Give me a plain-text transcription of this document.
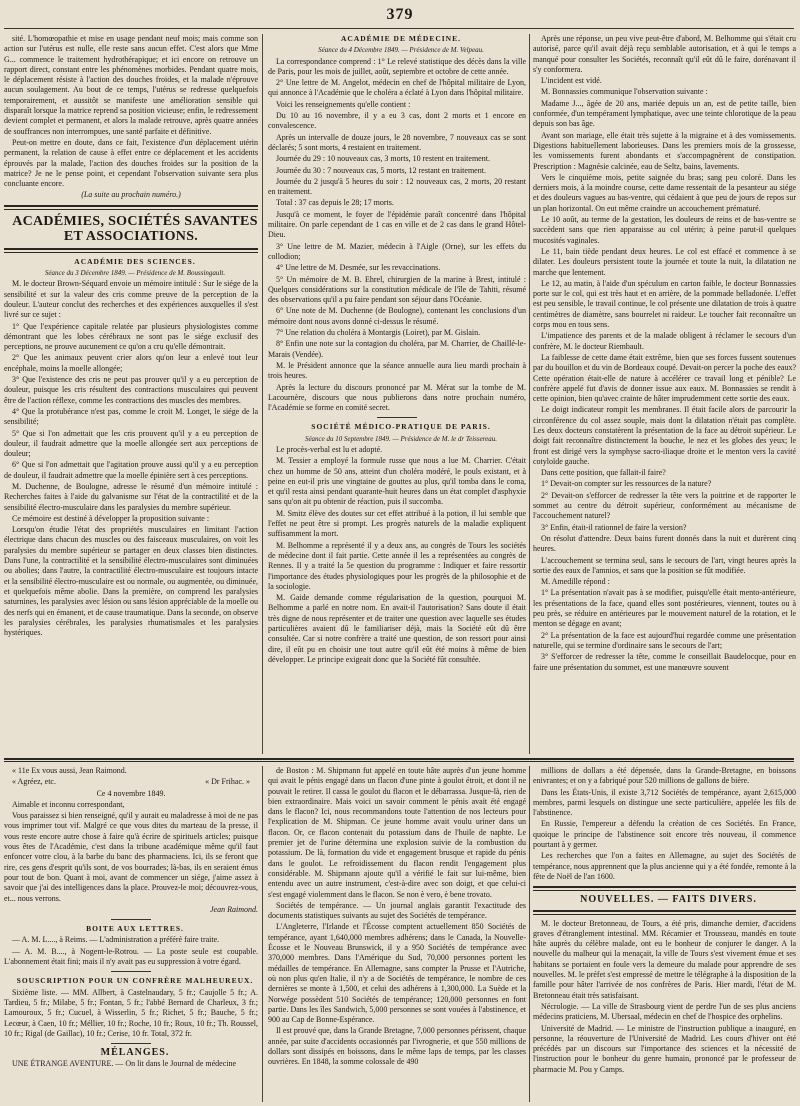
379

sité. L'homœopathie et mise en usage pendant neuf mois; mais comme son action sur l'utérus est nulle, elle reste sans aucun effet. C'est alors que Mme G... commence le traitement hydrothérapique; et ici encore on retrouve un rapport direct, constant entre les phénomènes morbides. Pendant quatre mois, le déplacement résiste à l'action des douches froides, et la malade n'éprouve aucun soulagement. Au bout de ce temps, l'utérus se redresse quelquefois temporairement, et aussitôt se manifeste une amélioration sensible qui disparaît lorsque la matrice reprend sa position vicieuse; enfin, le redressement devient complet et permanent, et alors la malade retrouve, après quatre années de souffrances non interrompues, une santé parfaite et définitive.

Peut-on mettre en doute, dans ce fait, l'existence d'un déplacement utérin permanent, la relation de cause à effet entre ce déplacement et les accidents éprouvés par la malade, l'action des douches froides sur la position de la matrice? Je ne le pense point, et cependant l'observation suivante sera plus concluante encore.

(La suite au prochain numéro.)

ACADÉMIES, SOCIÉTÉS SAVANTES ET ASSOCIATIONS.

ACADÉMIE DES SCIENCES.

Séance du 3 Décembre 1849. — Présidence de M. Boussingault.

M. le docteur Brown-Séquard envoie un mémoire intitulé : Sur le siége de la sensibilité et sur la valeur des cris comme preuve de la perception de la douleur. L'auteur conclut des recherches et des expériences auxquelles il s'est livré sur ce sujet :

1° Que l'expérience capitale relatée par plusieurs physiologistes comme démontrant que les lobes cérébraux ne sont pas le siége exclusif des perceptions, ne prouve aucunement ce qu'on a cru qu'elle démontrait.

2° Que les animaux peuvent crier alors qu'on leur a enlevé tout leur encéphale, moins la moelle allongée;

3° Que l'existence des cris ne peut pas prouver qu'il y a eu perception de douleur, puisque les cris résultent des contractions musculaires qui peuvent être de l'action réflexe, comme les contractions des muscles des membres.

4° Que la protubérance n'est pas, comme le croit M. Longet, le siége de la sensibilité;

5° Que si l'on admettait que les cris prouvent qu'il y a eu perception de douleur, il faudrait admettre que la moelle allongée sert aux perceptions de douleur;

6° Que si l'on admettait que l'agitation prouve aussi qu'il y a eu perception de douleur, il faudrait admettre que la moelle épinière sert à ces perceptions.

M. Duchenne, de Boulogne, adresse le résumé d'un mémoire intitulé : Recherches faites à l'aide du galvanisme sur l'état de la contractilité et de la sensibilité électro-musculaire dans les paralysies du membre supérieur.

Ce mémoire est destiné à développer la proposition suivante :

Lorsqu'on étudie l'état des propriétés musculaires en limitant l'action électrique dans chacun des muscles ou des faisceaux musculaires, on voit les paralysies du membre supérieur se partager en deux classes bien distinctes. Dans l'une, la contractilité et la sensibilité électro-musculaires sont diminuées ou abolies; dans l'autre, la contractilité électro-musculaire est toujours intacte et la sensibilité électro-musculaire est ou normale, ou augmentée, ou diminuée, et quelquefois même abolie. Dans la première, on comprend les paralysies saturnines, les paralysies avec lésion ou sans lésion appréciable de la moelle ou des nerfs qui en émanent, et de cause traumatique. Dans la seconde, on observe les paralysies cérébrales, les paralysies rhumatismales et les paralysies hystériques.

ACADÉMIE DE MÉDECINE.

Séance du 4 Décembre 1849. — Présidence de M. Velpeau.

La correspondance comprend : 1° Le relevé statistique des décès dans la ville de Paris, pour les mois de juillet, août, septembre et octobre de cette année.

2° Une lettre de M. Angelot, médecin en chef de l'hôpital militaire de Lyon, qui annonce à l'Académie que le choléra a éclaté à Lyon dans l'hôpital militaire.

Voici les renseignements qu'elle contient :

Du 10 au 16 novembre, il y a eu 3 cas, dont 2 morts et 1 encore en convalescence.

Après un intervalle de douze jours, le 28 novembre, 7 nouveaux cas se sont déclarés; 5 sont morts, 4 restaient en traitement.

Journée du 29 : 10 nouveaux cas, 3 morts, 10 restent en traitement.

Journée du 30 : 7 nouveaux cas, 5 morts, 12 restant en traitement.

Journée du 2 jusqu'à 5 heures du soir : 12 nouveaux cas, 2 morts, 20 restant en traitement.

Total : 37 cas depuis le 28; 17 morts.

Jusqu'à ce moment, le foyer de l'épidémie paraît concentré dans l'hôpital militaire. On parle cependant de 1 cas en ville et de 2 cas dans le grand Hôtel-Dieu.

3° Une lettre de M. Mazier, médecin à l'Aigle (Orne), sur les effets du collodion;

4° Une lettre de M. Desmée, sur les revaccinations.

5° Un mémoire de M. B. Ehrel, chirurgien de la marine à Brest, intitulé : Quelques considérations sur la constitution médicale de l'île de Tahiti, résumé des observations qu'il a pu faire pendant son séjour dans l'Océanie.

6° Une note de M. Duchenne (de Boulogne), contenant les conclusions d'un mémoire dont nous avons donné ci-dessus le résumé.

7° Une relation du choléra à Montargis (Loiret), par M. Gislain.

8° Enfin une note sur la contagion du choléra, par M. Charrier, de Chaillé-le-Marais (Vendée).

M. le Président annonce que la séance annuelle aura lieu mardi prochain à trois heures.

Après la lecture du discours prononcé par M. Mérat sur la tombe de M. Lacournère, discours que nous publierons dans notre prochain numéro, l'Académie se forme en comité secret.

SOCIÉTÉ MÉDICO-PRATIQUE DE PARIS.

Séance du 10 Septembre 1849. — Présidence de M. le dr Teissereau.

Le procès-verbal est lu et adopté.

M. Tessier a employé la formule russe que nous a lue M. Charrier. C'était chez un homme de 50 ans, atteint d'un choléra modéré, le pouls existant, et à peine en eut-il pris une vingtaine de gouttes au plus, qu'il tomba dans le coma, et qu'il resta ainsi pendant quarante-huit heures dans un état complet d'asphyxie sans qu'on ait pu obtenir de réaction, puis il succomba.

M. Smitz élève des doutes sur cet effet attribué à la potion, il lui semble que l'effet ne peut être si prompt. Les progrès naturels de la maladie expliquent suffisamment la mort.

M. Belhomme a représenté il y a deux ans, au congrès de Tours les sociétés de médecine dont il fait partie. Cette année il les a représentées au congrès de Rennes. Il y a traité la 5e question du programme : Indiquer et faire ressortir l'importance des études physiologiques pour les progrès de la philosophie et de la sociologie.

M. Gaide demande comme régularisation de la question, pourquoi M. Belhomme a parlé en notre nom. En avait-il l'autorisation? Sans doute il était très digne de nous représenter et de traiter une question avec laquelle ses études particulières avaient dû le familiariser déjà, mais la Société eût dû être consultée. Car si notre confrère a traité une question, de son ressort pour ainsi dire, il eût pu en choisir une tout autre qu'il eût été moins à même de bien développer. Le principe exigeait donc que la Société fût consultée.

Après une réponse, un peu vive peut-être d'abord, M. Belhomme qui s'était cru autorisé, parce qu'il avait déjà reçu semblable autorisation, et à qui le temps a manqué pour consulter les Sociétés, reconnaît qu'il eût dû le faire, dorénavant il s'y conformera.

L'incident est vidé.

M. Bonnassies communique l'observation suivante :

Madame J..., âgée de 20 ans, mariée depuis un an, est de petite taille, bien conformée, d'un tempérament lymphatique, avec une teinte chlorotique de la peau depuis son bas âge.

Avant son mariage, elle était très sujette à la migraine et à des vomissements. Digestions habituellement laborieuses. Dans les premiers mois de la grossesse, les vomissements furent abondants et s'accompagnèrent de constipation. Prescription : Magnésie calcinée, eau de Seltz, bains, lavements.

Vers le cinquième mois, petite saignée du bras; sang peu coloré. Dans les derniers mois, à la moindre course, cette dame ressentait de la pesanteur au siége et des douleurs vagues au bas-ventre, qui cédaient à que peu de jours de repos sur un plan horizontal. On eut même craindre un accouchement prématuré.

Le 10 août, au terme de la gestation, les douleurs de reins et de bas-ventre se succèdent sans que rien apparaisse au col utérin; à peine parut-il quelques mucosités vaginales.

Le 11, bain tiède pendant deux heures. Le col est effacé et commence à se dilater. Les douleurs persistent toute la journée et toute la nuit, la dilatation ne marche que lentement.

Le 12, au matin, à l'aide d'un spéculum en carton faible, le docteur Bonnassies porte sur le col, qui est très haut et en arrière, de la pommade belladonée. L'effet est peu sensible, le travail continue, le col présente une dilatation de trois à quatre centimètres de diamètre, sans bourrelet ni raideur. Le toucher fait reconnaître un corps mou en tous sens.

L'impatience des parents et de la malade obligent à réclamer le secours d'un confrère, M. le docteur Riembault.

La faiblesse de cette dame était extrême, bien que ses forces fussent soutenues par du bouillon et du vin de Bordeaux coupé. Devait-on percer la poche des eaux? Cette opération était-elle de nature à accélérer ce travail long et pénible? Le confrère appelé fut d'avis de donner issue aux eaux. M. Bonnassies se rendit à cette opinion, bien qu'avec crainte de hâter imprudemment cette sortie des eaux.

Le doigt indicateur rompit les membranes. Il était facile alors de parcourir la circonférence du col assez souple, mais dont la dilatation n'était pas complète. Les deux docteurs constatèrent la présentation de la face au détroit supérieur. Le doigt fait reconnaître distinctement la bouche, le nez et les globes des yeux; le front est dirigé vers la symphyse sacro-iliaque droite et le menton vers la cavité cotyloïde gauche.

Dans cette position, que fallait-il faire?

1° Devait-on compter sur les ressources de la nature?

2° Devait-on s'efforcer de redresser la tête vers la poitrine et de rapporter le sommet au centre du détroit supérieur, conformément au mécanisme de l'accouchement naturel?

3° Enfin, était-il rationnel de faire la version?

On résolut d'attendre. Deux bains furent donnés dans la nuit et durèrent cinq heures.

L'accouchement se termina seul, sans le secours de l'art, vingt heures après la sortie des eaux de l'amnios, et sans que la position se fût modifiée.

M. Amedille répond :

1° La présentation n'avait pas à se modifier, puisqu'elle était mento-antérieure, les présentations de la face, quand elles sont postérieures, viennent, toutes ou à peu près, se réduire en antérieures par le mouvement naturel de la rotation, et le menton se dégage en avant;

2° La présentation de la face est aujourd'hui regardée comme une présentation naturelle, qui se termine d'ordinaire sans le secours de l'art;

3° S'efforcer de redresser la tête, comme le conseillait Baudelocque, pour en faire une présentation du sommet, est une manœuvre souvent

« 11e Ex vous aussi, Jean Raimond.

« Agréez, etc.	« Dr Frihac. »

Ce 4 novembre 1849.

Aimable et inconnu correspondant,

Vous paraissez si bien renseigné, qu'il y aurait eu maladresse à moi de ne pas vous imprimer tout vif. Malgré ce que vous dites du marteau de la presse, il vous reste encore autre chose à faire qu'à écrire de spirituels articles; puisque vous êtes de l'Académie, c'est dans la tribune académique même qu'il faut enfoncer votre clou, à la barbe du banc des pharmaciens. Ici, ils se feront que rire, ces gens d'esprit qu'ils sont, de vos bourrades; là-bas, ils en seraient émus pour tout de bon. Quant à moi, avant de commencer un siége, j'aime assez à savoir que j'ai des intelligences dans la place. Prouvez-le moi; découvrez-vous, et... nous verrons.

Jean Raimond.

BOITE AUX LETTRES.

— A. M. L...., à Reims. — L'administration a préféré faire traite.

— A. M. B...., à Nogent-le-Rotrou. — La poste seule est coupable. L'abonnement était fini; mais il n'y avait pas eu suppression à votre égard.

SOUSCRIPTION POUR UN CONFRÈRE MALHEUREUX.

Sixième liste. — MM. Allbert, à Castelnaudary, 5 fr.; Caujolle 5 fr.; A. Tardieu, 5 fr.; Milabe, 5 fr.; Fontan, 5 fr.; l'abbé Bernard de Charleux, 3 fr.; Lamouroux, 5 fr.; Cucuel, à Wisserlin, 5 fr.; Richet, 5 fr.; Bauche, 5 fr.; Lecœur, à Caen, 10 fr.; Méllier, 10 fr.; Roche, 10 fr.; Roux, 10 fr.; Th. Roussel, 10 fr.; Rigal (de Gaillac), 10 fr.; Cerise, 10 fr. Total, 372 fr.

MÉLANGES.

UNE ÉTRANGE AVENTURE. — On lit dans le Journal de médecine

de Boston : M. Shipmann fut appelé en toute hâte auprès d'un jeune homme qui avait le pénis engagé dans un flacon d'une pinte à goulot étroit, et dont il ne pouvait le retirer. Il cassa le goulot du flacon et le débarrassa. Jusque-là, rien de bien extraordinaire. Mais voici un savoir comment le pénis avait été engagé dans le flacon? Ici, nous recommandons toute l'attention de nos lecteurs pour l'explication de M. Shipman. Ce jeune homme avait voulu uriner dans un flacon. Or, ce flacon contenait du potassium dans de l'huile de naphte. Le premier jet de l'urine détermina une explosion suivie de la combustion du potassium. De là, formation du vide et engagement brusque et rapide du pénis dans le goulot. Le refroidissement du flacon rendit l'engagement plus considérable. M. Shipmann ajoute qu'il a vérifié le fait sur lui-même, bien entendu avec un autre instrument, c'est-à-dire avec son doigt, et que celui-ci s'est engagé violemment dans le flacon. Se non è vero, è bene trovato.

Sociétés de tempérance. — Un journal anglais garantit l'exactitude des documents statistiques suivants au sujet des Sociétés de tempérance.

L'Angleterre, l'Irlande et l'Écosse comptent actuellement 850 Sociétés de tempérance, ayant 1,640,000 membres adhérens; dans le Canada, la Nouvelle-Écosse et le Nouveau Brunswick, il y a 950 Sociétés de tempérance avec 370,000 membres. Dans l'Amérique du Sud, 70,000 personnes portent les médailles de tempérance. En Allemagne, sans compter la Prusse et l'Autriche, où non plus qu'en Italie, il n'y a de Sociétés de tempérance, le nombre de ces dernières se monte à 1,500, et celui des adhérens à 1,300,000. La Suède et la Norwége possèdent 510 Sociétés de tempérance; 120,000 personnes en font partie. Dans les îles Sandwich, 5,000 personnes se sont vouées à l'abstinence, et 900 au Cap de Bonne-Espérance.

Il est prouvé que, dans la Grande Bretagne, 7,000 personnes périssent, chaque année, par suite d'accidents occasionnés par l'ivrognerie, et que 550 millions de dollars sont dissipés en boissons, dans le même laps de temps, par les classes ouvrières. En 1848, la somme colossale de 490

millions de dollars a été dépensée, dans la Grande-Bretagne, en boissons enivrantes; et on y a fabriqué pour 520 millions de gallons de bière.

Dans les États-Unis, il existe 3,712 Sociétés de tempérance, ayant 2,615,000 membres, parmi lesquels on distingue une secte particulière, appelée les fils de l'abstinence.

En Russie, l'empereur a défendu la création de ces Sociétés. En France, quoique le principe de l'abstinence soit encore très nouveau, il commence pourtant à y germer.

Les recherches que l'on a faites en Allemagne, au sujet des Sociétés de tempérance, nous apprennent que la plus ancienne qui y a été fondée, remonte à la fête de Noël de l'an 1600.

NOUVELLES. — FAITS DIVERS.

M. le docteur Bretonneau, de Tours, a été pris, dimanche dernier, d'accidens graves d'étranglement intestinal. MM. Récamier et Trousseau, mandés en toute hâte auprès du célèbre malade, ont eu le bonheur de conjurer le danger. A la nouvelle du malheur qui la menaçait, la ville de Tours s'est vivement émue et ses habitans se portaient en foule vers la demeure du malade pour apprendre de ses nouvelles. M. le préfet s'est empressé de mettre le télégraphe à la disposition de la famille pour hâter l'arrivée de nos confrères de Paris. Hier mardi, l'état de M. Bretonneau était très satisfaisant.

Nécrologie. — La ville de Strasbourg vient de perdre l'un de ses plus anciens médecins praticiens, M. Ubersaal, médecin en chef de l'hospice des orphelins.

Université de Madrid. — Le ministre de l'instruction publique a inauguré, en personne, la réouverture de l'Université de Madrid. Les cours d'hiver ont été précédés par un discours sur l'importance des sciences et la nécessité de l'instruction pour le bonheur du genre humain, prononcé par le professeur de pharmacie M. Pou y Camps.
